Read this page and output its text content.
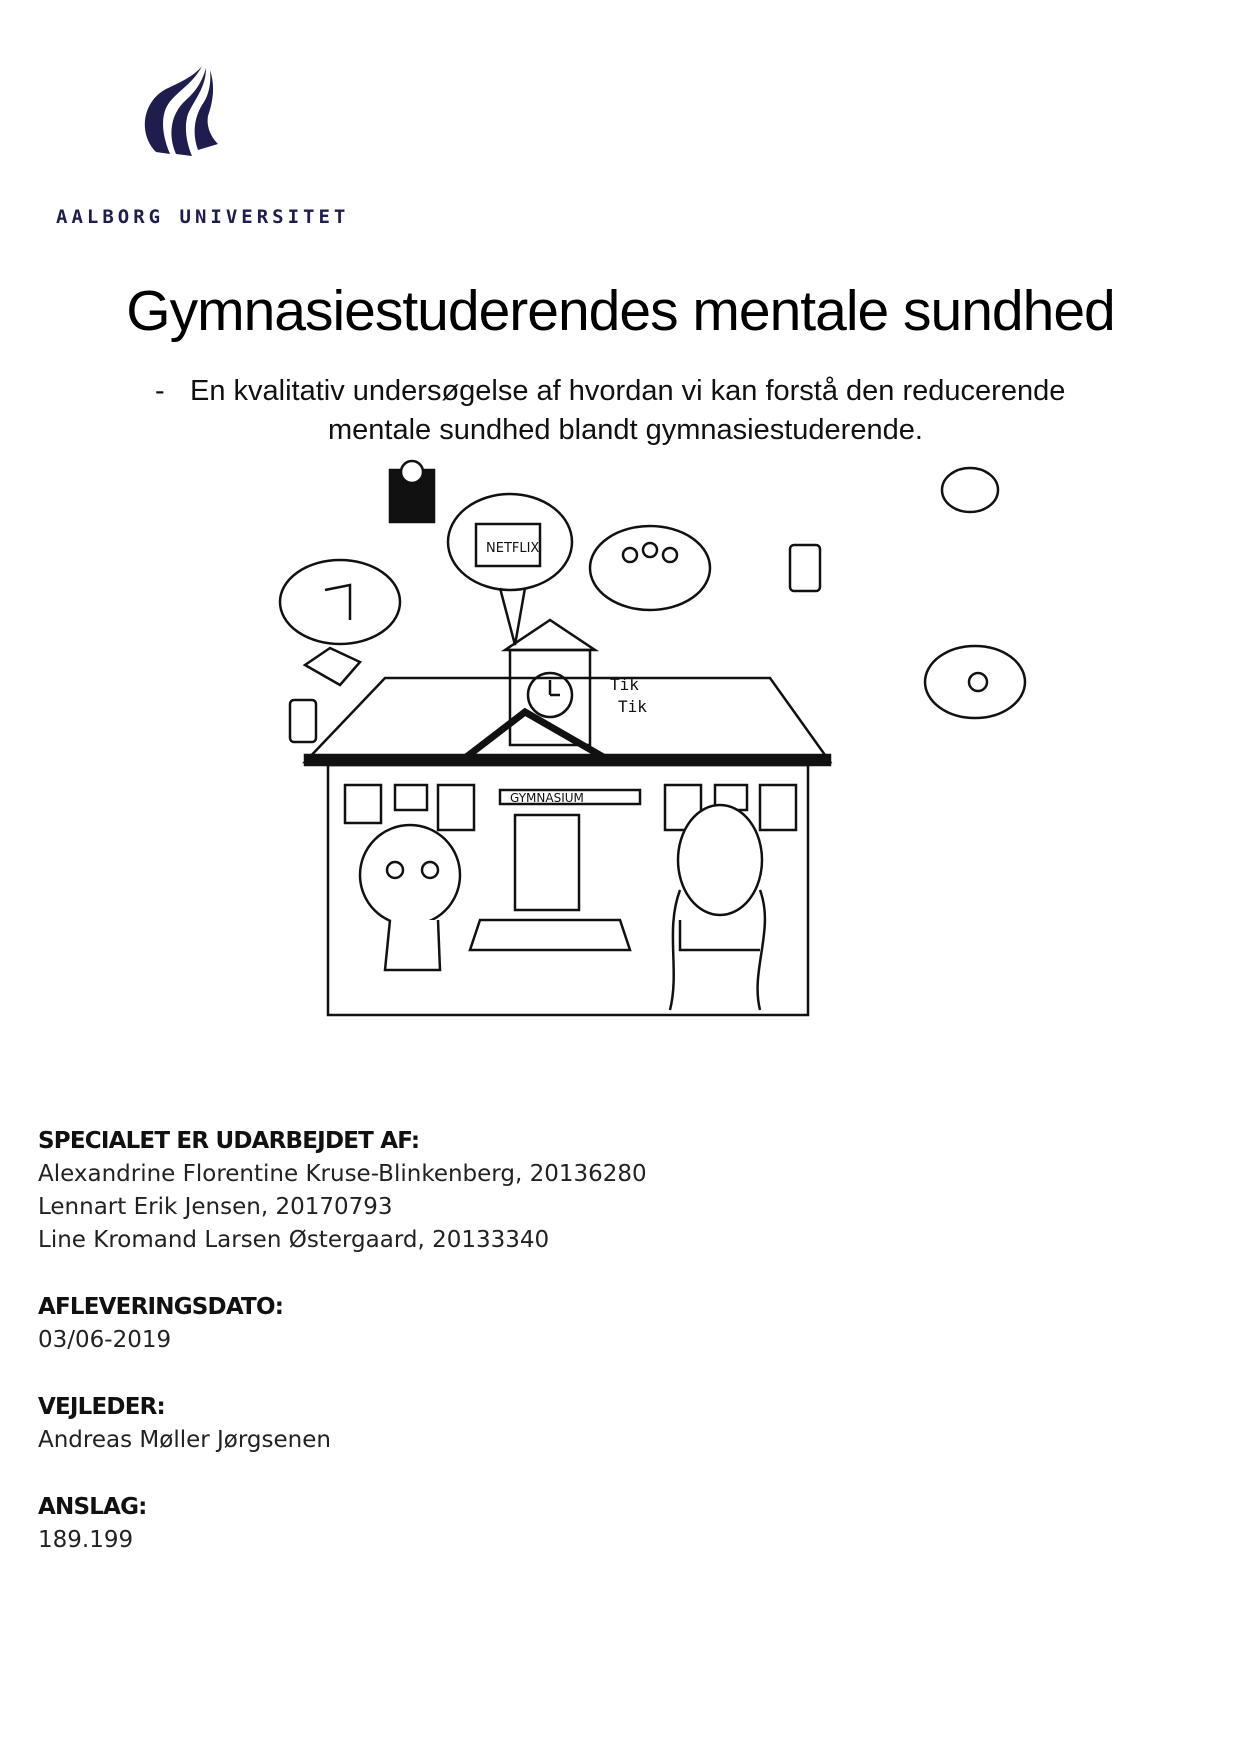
AALBORG UNIVERSITET
Gymnasiestuderendes mentale sundhed
- En kvalitativ undersøgelse af hvordan vi kan forstå den reducerende
mentale sundhed blandt gymnasiestuderende.
NETFLIX
Tik
Tik
GYMNASIUM
SPECIALET ER UDARBEJDET AF:
Alexandrine Florentine Kruse-Blinkenberg, 20136280
Lennart Erik Jensen, 20170793
Line Kromand Larsen Østergaard, 20133340
AFLEVERINGSDATO:
03/06-2019
VEJLEDER:
Andreas Møller Jørgsenen
ANSLAG:
189.199
